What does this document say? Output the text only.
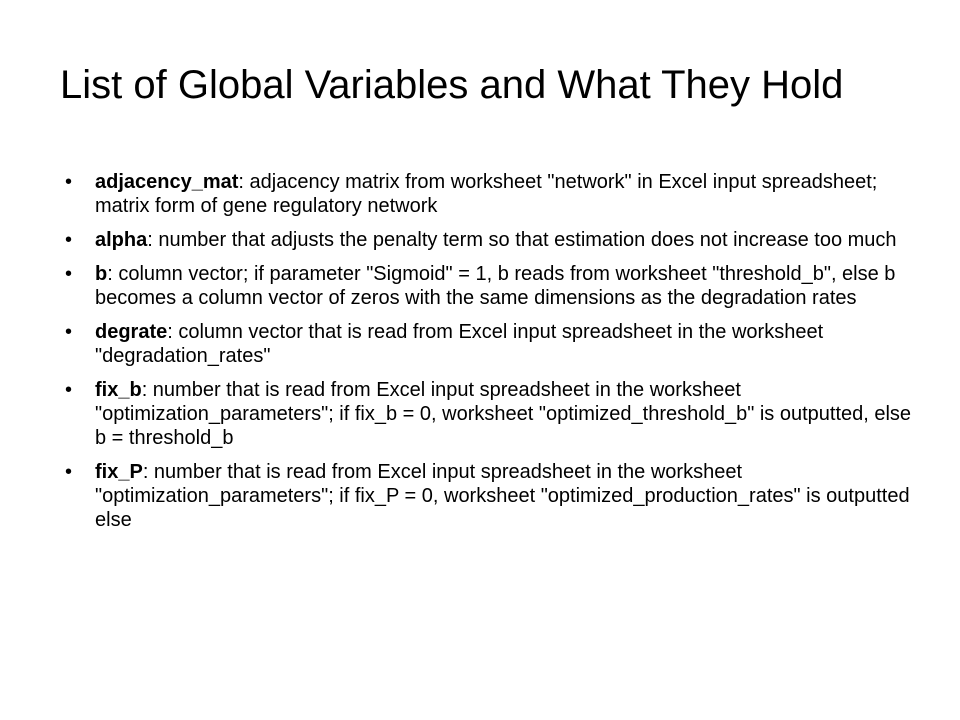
List of Global Variables and What They Hold
• adjacency_mat: adjacency matrix from worksheet "network" in Excel input spreadsheet; matrix form of gene regulatory network
• alpha: number that adjusts the penalty term so that estimation does not increase too much
• b: column vector; if parameter "Sigmoid" = 1, b reads from worksheet "threshold_b", else b becomes a column vector of zeros with the same dimensions as the degradation rates
• degrate: column vector that is read from Excel input spreadsheet in the worksheet "degradation_rates"
• fix_b: number that is read from Excel input spreadsheet in the worksheet "optimization_parameters"; if fix_b = 0, worksheet "optimized_threshold_b" is outputted, else b = threshold_b
• fix_P: number that is read from Excel input spreadsheet in the worksheet "optimization_parameters"; if fix_P = 0, worksheet "optimized_production_rates" is outputted else
